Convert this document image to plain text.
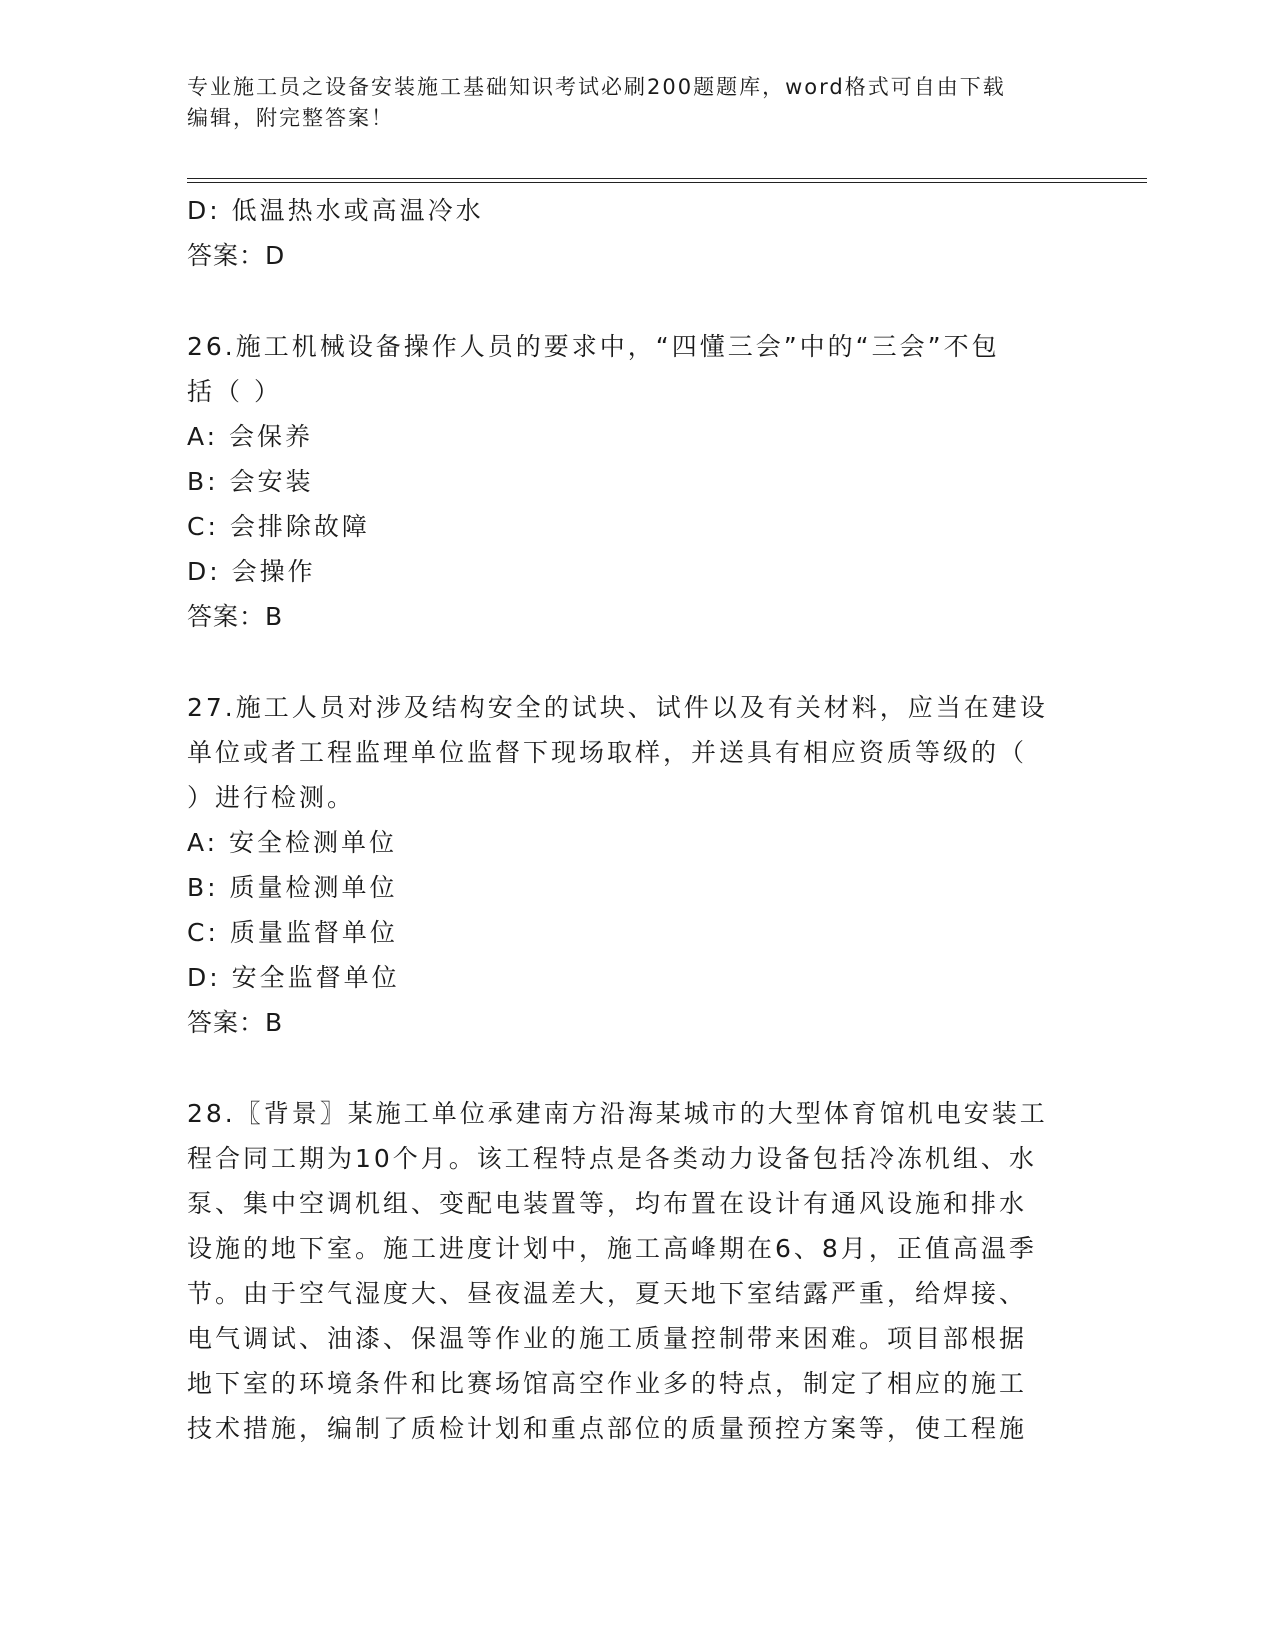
专业施工员之设备安装施工基础知识考试必刷200题题库，word格式可自由下载
编辑，附完整答案！
D: 低温热水或高温冷水
答案：D
26.施工机械设备操作人员的要求中，“四懂三会”中的“三会”不包
括（ ）
A: 会保养
B: 会安装
C: 会排除故障
D: 会操作
答案：B
27.施工人员对涉及结构安全的试块、试件以及有关材料，应当在建设
单位或者工程监理单位监督下现场取样，并送具有相应资质等级的（
）进行检测。
A: 安全检测单位
B: 质量检测单位
C: 质量监督单位
D: 安全监督单位
答案：B
28.〖背景〗某施工单位承建南方沿海某城市的大型体育馆机电安装工
程合同工期为10个月。该工程特点是各类动力设备包括冷冻机组、水
泵、集中空调机组、变配电装置等，均布置在设计有通风设施和排水
设施的地下室。施工进度计划中，施工高峰期在6、8月，正值高温季
节。由于空气湿度大、昼夜温差大，夏天地下室结露严重，给焊接、
电气调试、油漆、保温等作业的施工质量控制带来困难。项目部根据
地下室的环境条件和比赛场馆高空作业多的特点，制定了相应的施工
技术措施，编制了质检计划和重点部位的质量预控方案等，使工程施
